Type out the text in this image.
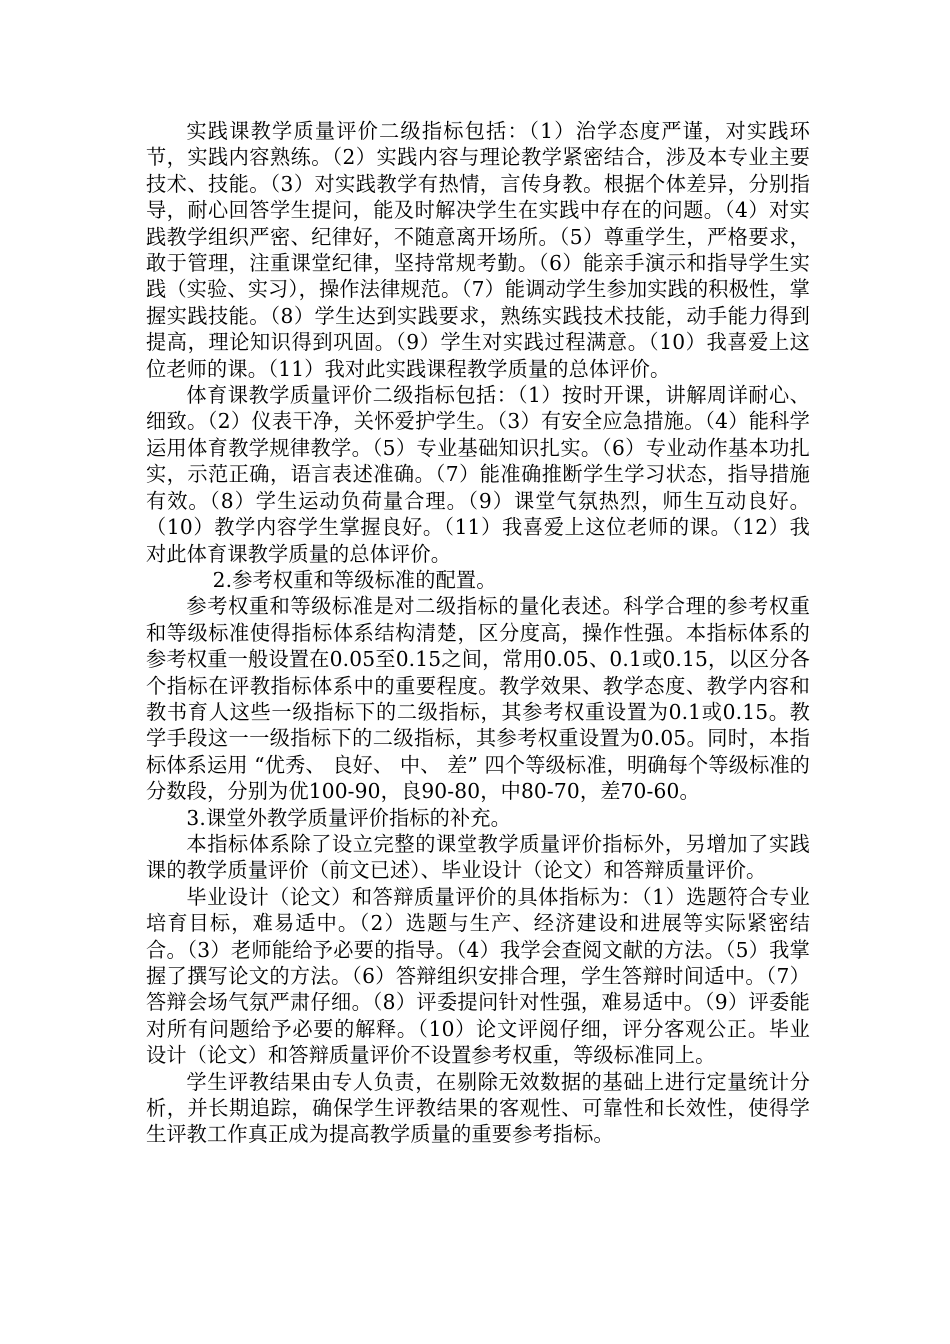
实践课教学质量评价二级指标包括：（1）治学态度严谨，对实践环节，实践内容熟练。（2）实践内容与理论教学紧密结合，涉及本专业主要技术、技能。（3）对实践教学有热情，言传身教。根据个体差异，分别指导，耐心回答学生提问，能及时解决学生在实践中存在的问题。（4）对实践教学组织严密、纪律好，不随意离开场所。（5）尊重学生，严格要求，敢于管理，注重课堂纪律，坚持常规考勤。（6）能亲手演示和指导学生实践（实验、实习），操作法律规范。（7）能调动学生参加实践的积极性，掌握实践技能。（8）学生达到实践要求，熟练实践技术技能，动手能力得到提高，理论知识得到巩固。（9）学生对实践过程满意。（10）我喜爱上这位老师的课。（11）我对此实践课程教学质量的总体评价。

体育课教学质量评价二级指标包括：（1）按时开课，讲解周详耐心、细致。（2）仪表干净，关怀爱护学生。（3）有安全应急措施。（4）能科学运用体育教学规律教学。（5）专业基础知识扎实。（6）专业动作基本功扎实，示范正确，语言表述准确。（7）能准确推断学生学习状态，指导措施有效。（8）学生运动负荷量合理。（9）课堂气氛热烈，师生互动良好。（10）教学内容学生掌握良好。（11）我喜爱上这位老师的课。（12）我对此体育课教学质量的总体评价。

2.参考权重和等级标准的配置。

参考权重和等级标准是对二级指标的量化表述。科学合理的参考权重和等级标准使得指标体系结构清楚，区分度高，操作性强。本指标体系的参考权重一般设置在0.05至0.15之间，常用0.05、0.1或0.15，以区分各个指标在评教指标体系中的重要程度。教学效果、教学态度、教学内容和教书育人这些一级指标下的二级指标，其参考权重设置为0.1或0.15。教学手段这一一级指标下的二级指标，其参考权重设置为0.05。同时，本指标体系运用 “优秀、 良好、 中、 差” 四个等级标准，明确每个等级标准的分数段，分别为优100-90，良90-80，中80-70，差70-60。

3.课堂外教学质量评价指标的补充。

本指标体系除了设立完整的课堂教学质量评价指标外，另增加了实践课的教学质量评价（前文已述）、毕业设计（论文）和答辩质量评价。

毕业设计（论文）和答辩质量评价的具体指标为：（1）选题符合专业培育目标，难易适中。（2）选题与生产、经济建设和进展等实际紧密结合。（3）老师能给予必要的指导。（4）我学会查阅文献的方法。（5）我掌握了撰写论文的方法。（6）答辩组织安排合理，学生答辩时间适中。（7）答辩会场气氛严肃仔细。（8）评委提问针对性强，难易适中。（9）评委能对所有问题给予必要的解释。（10）论文评阅仔细，评分客观公正。毕业设计（论文）和答辩质量评价不设置参考权重，等级标准同上。

学生评教结果由专人负责，在剔除无效数据的基础上进行定量统计分析，并长期追踪，确保学生评教结果的客观性、可靠性和长效性，使得学生评教工作真正成为提高教学质量的重要参考指标。
